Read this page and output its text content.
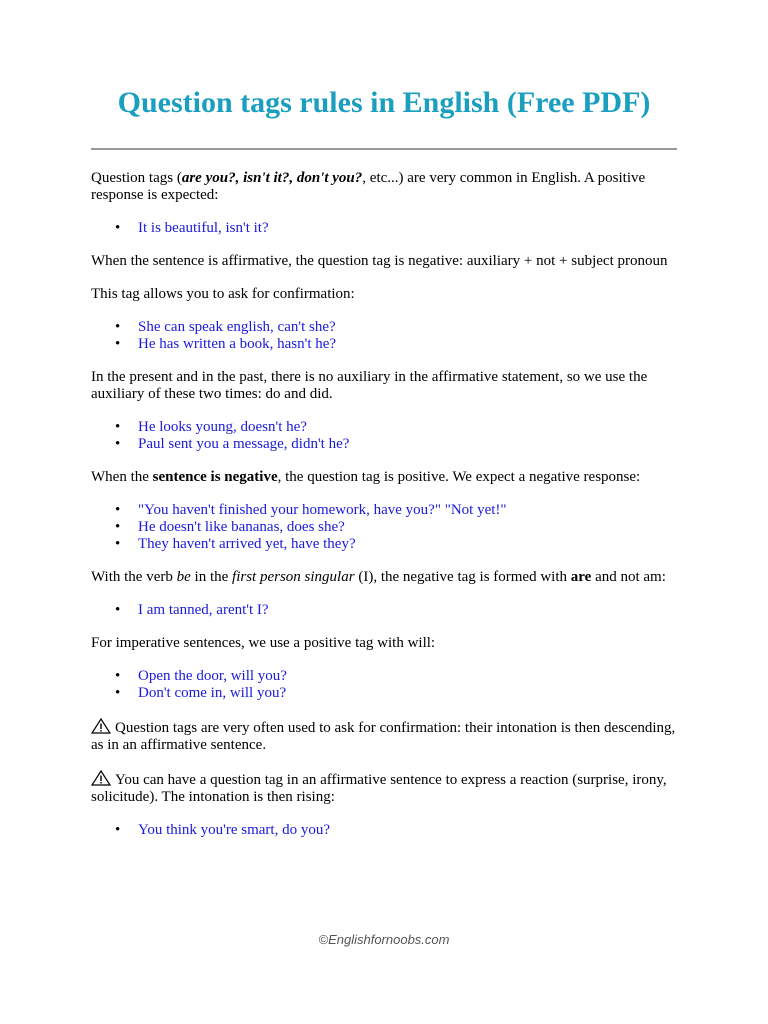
Question tags rules in English (Free PDF)

Question tags (are you?, isn't it?, don't you?, etc...) are very common in English. A positive response is expected:

• It is beautiful, isn't it?

When the sentence is affirmative, the question tag is negative: auxiliary + not + subject pronoun

This tag allows you to ask for confirmation:

• She can speak english, can't she?
• He has written a book, hasn't he?

In the present and in the past, there is no auxiliary in the affirmative statement, so we use the auxiliary of these two times: do and did.

• He looks young, doesn't he?
• Paul sent you a message, didn't he?

When the sentence is negative, the question tag is positive. We expect a negative response:

• "You haven't finished your homework, have you?" "Not yet!"
• He doesn't like bananas, does she?
• They haven't arrived yet, have they?

With the verb be in the first person singular (I), the negative tag is formed with are and not am:

• I am tanned, arent't I?

For imperative sentences, we use a positive tag with will:

• Open the door, will you?
• Don't come in, will you?

Question tags are very often used to ask for confirmation: their intonation is then descending, as in an affirmative sentence.

You can have a question tag in an affirmative sentence to express a reaction (surprise, irony, solicitude). The intonation is then rising:

• You think you're smart, do you?
©Englishfornoobs.com
